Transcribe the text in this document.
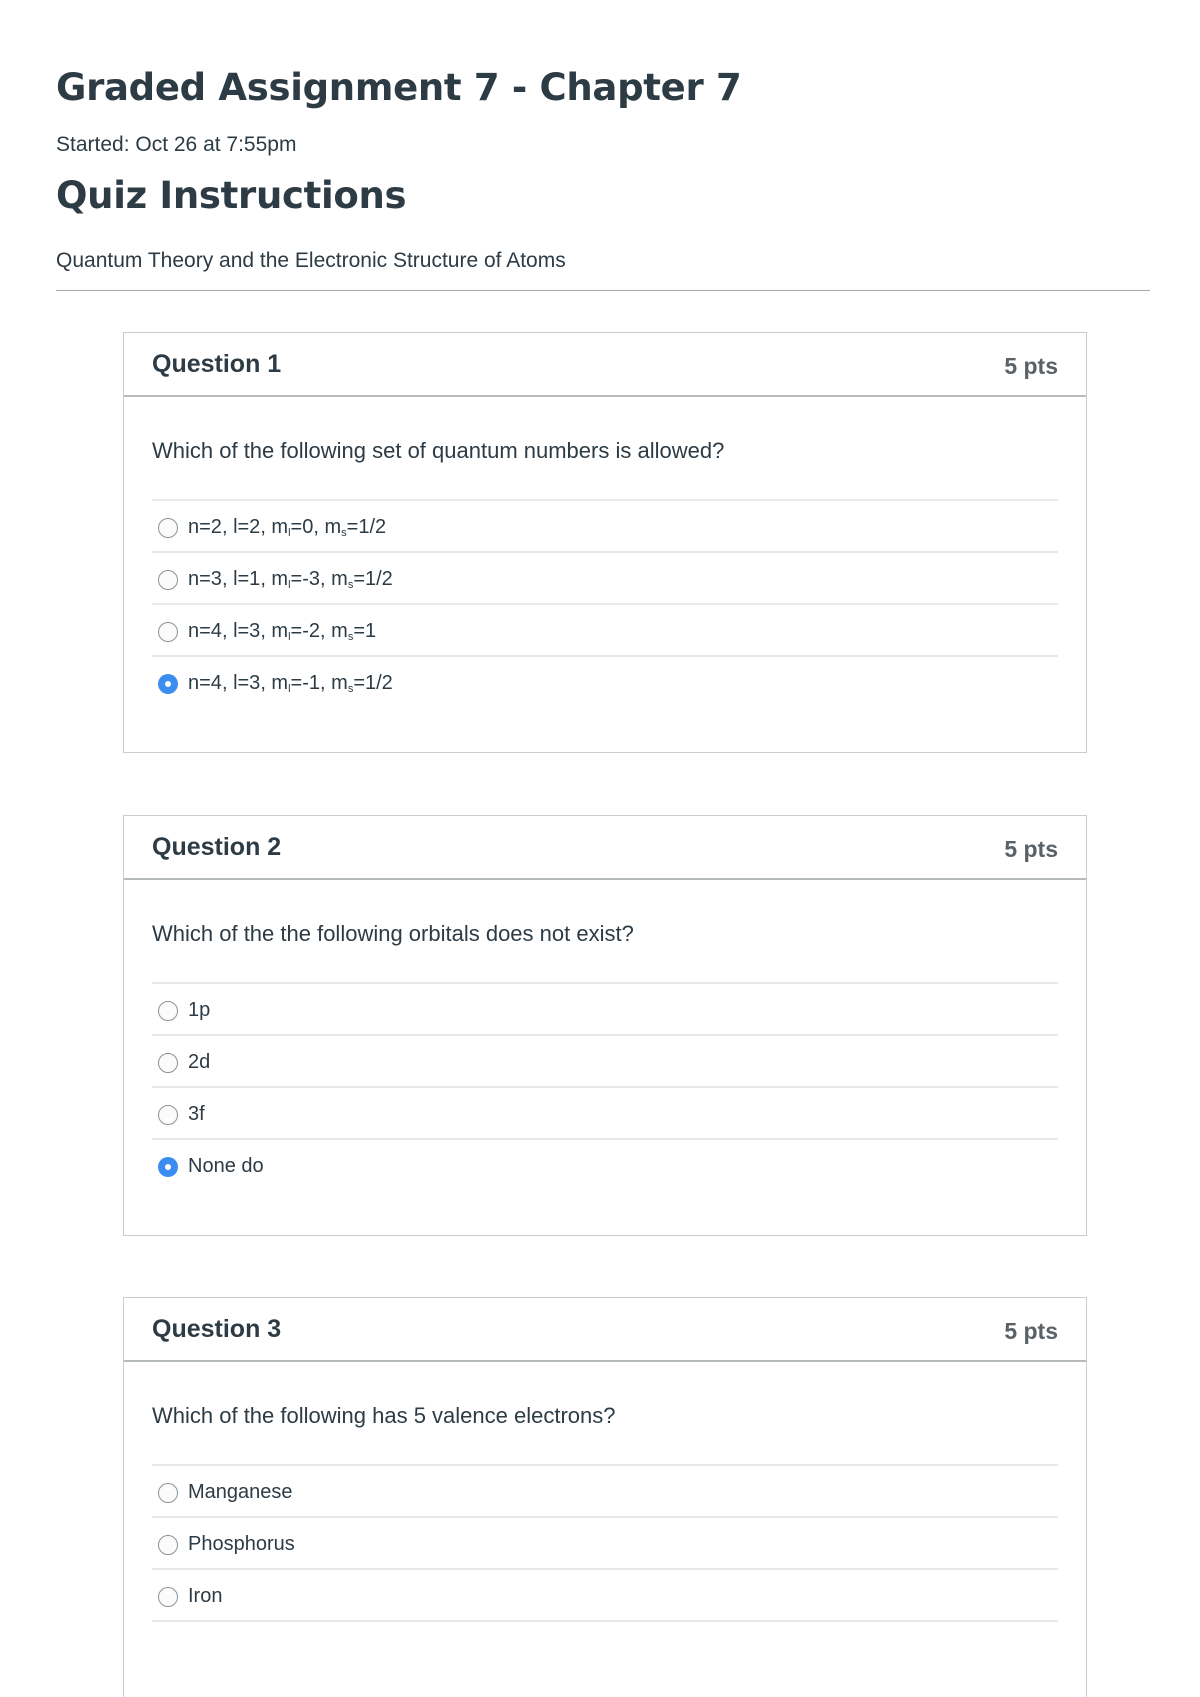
Graded Assignment 7 - Chapter 7
Started: Oct 26 at 7:55pm
Quiz Instructions
Quantum Theory and the Electronic Structure of Atoms
Question 1	5 pts

Which of the following set of quantum numbers is allowed?

n=2, l=2, $m_l=0$, $m_s=1/2$
n=3, l=1, $m_l=-3$, $m_s=1/2$
n=4, l=3, $m_l=-2$, $m_s=1$
n=4, l=3, $m_l=-1$, $m_s=1/2$
Question 2	5 pts

Which of the the following orbitals does not exist?

1p
2d
3f
None do
Question 3	5 pts

Which of the following has 5 valence electrons?

Manganese
Phosphorus
Iron
